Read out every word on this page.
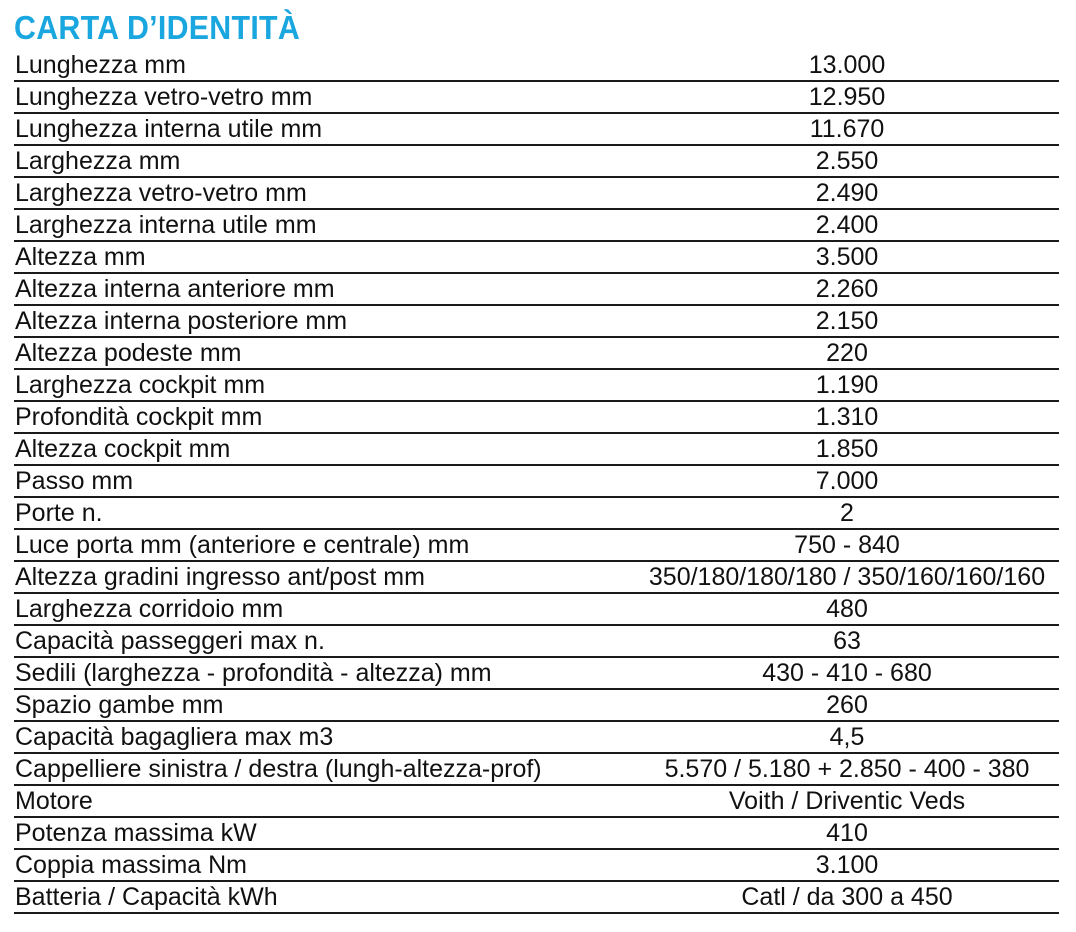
CARTA D’IDENTITÀ
Lunghezza mm	13.000
Lunghezza vetro-vetro mm	12.950
Lunghezza interna utile mm	11.670
Larghezza mm	2.550
Larghezza vetro-vetro mm	2.490
Larghezza interna utile mm	2.400
Altezza mm	3.500
Altezza interna anteriore mm	2.260
Altezza interna posteriore mm	2.150
Altezza podeste mm	220
Larghezza cockpit mm	1.190
Profondità cockpit mm	1.310
Altezza cockpit mm	1.850
Passo mm	7.000
Porte n.	2
Luce porta mm (anteriore e centrale) mm	750 - 840
Altezza gradini ingresso ant/post mm	350/180/180/180 / 350/160/160/160
Larghezza corridoio mm	480
Capacità passeggeri max n.	63
Sedili (larghezza - profondità - altezza) mm	430 - 410 - 680
Spazio gambe mm	260
Capacità bagagliera max m3	4,5
Cappelliere sinistra / destra (lungh-altezza-prof)	5.570 / 5.180 + 2.850 - 400 - 380
Motore	Voith / Driventic Veds
Potenza massima kW	410
Coppia massima Nm	3.100
Batteria / Capacità kWh	Catl / da 300 a 450
